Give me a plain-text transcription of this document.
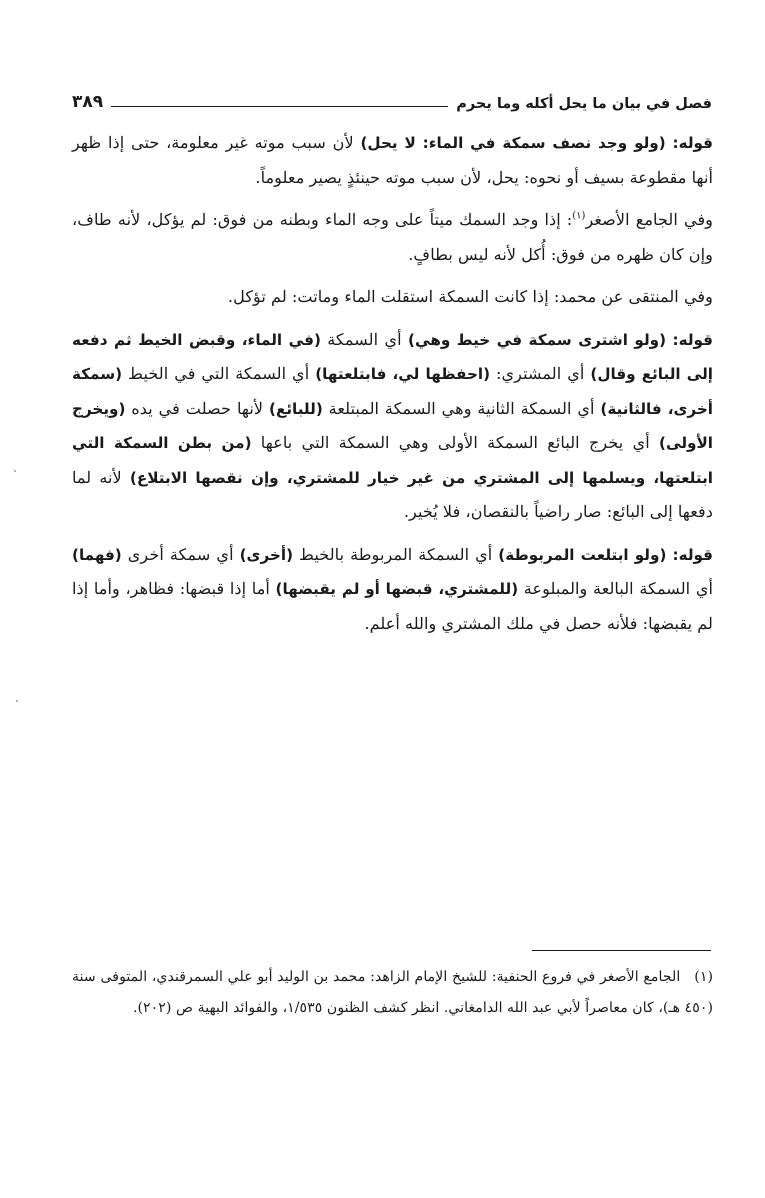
فصل في بيان ما يحل أكله وما يحرم
٣٨٩

قوله: (ولو وجد نصف سمكة في الماء: لا يحل) لأن سبب موته غير معلومة، حتى إذا ظهر أنها مقطوعة بسيف أو نحوه: يحل، لأن سبب موته حينئذٍ يصير معلوماً.

وفي الجامع الأصغر$^{(١)}$: إذا وجد السمك ميتاً على وجه الماء وبطنه من فوق: لم يؤكل، لأنه طاف، وإن كان ظهره من فوق: أُكل لأنه ليس بطافٍ.

وفي المنتقى عن محمد: إذا كانت السمكة استقلت الماء وماتت: لم تؤكل.

قوله: (ولو اشترى سمكة في خيط وهي) أي السمكة (في الماء، وقبض الخيط ثم دفعه إلى البائع وقال) أي المشتري: (احفظها لي، فابتلعتها) أي السمكة التي في الخيط (سمكة أخرى، فالثانية) أي السمكة الثانية وهي السمكة المبتلعة (للبائع) لأنها حصلت في يده (ويخرج الأولى) أي يخرج البائع السمكة الأولى وهي السمكة التي باعها (من بطن السمكة التي ابتلعتها، ويسلمها إلى المشتري من غير خيار للمشتري، وإن نقصها الابتلاع) لأنه لما دفعها إلى البائع: صار راضياً بالنقصان، فلا يُخير.

قوله: (ولو ابتلعت المربوطة) أي السمكة المربوطة بالخيط (أخرى) أي سمكة أخرى (فهما) أي السمكة البالعة والمبلوعة (للمشتري، قبضها أو لم يقبضها) أما إذا قبضها: فظاهر، وأما إذا لم يقبضها: فلأنه حصل في ملك المشتري والله أعلم.

(١)الجامع الأصغر في فروع الحنفية: للشيخ الإمام الزاهد: محمد بن الوليد أبو علي السمرقندي، المتوفى سنة (٤٥٠ هـ)، كان معاصراً لأبي عبد الله الدامغاني. انظر كشف الظنون ١/٥٣٥، والفوائد البهية ص (٢٠٢).
